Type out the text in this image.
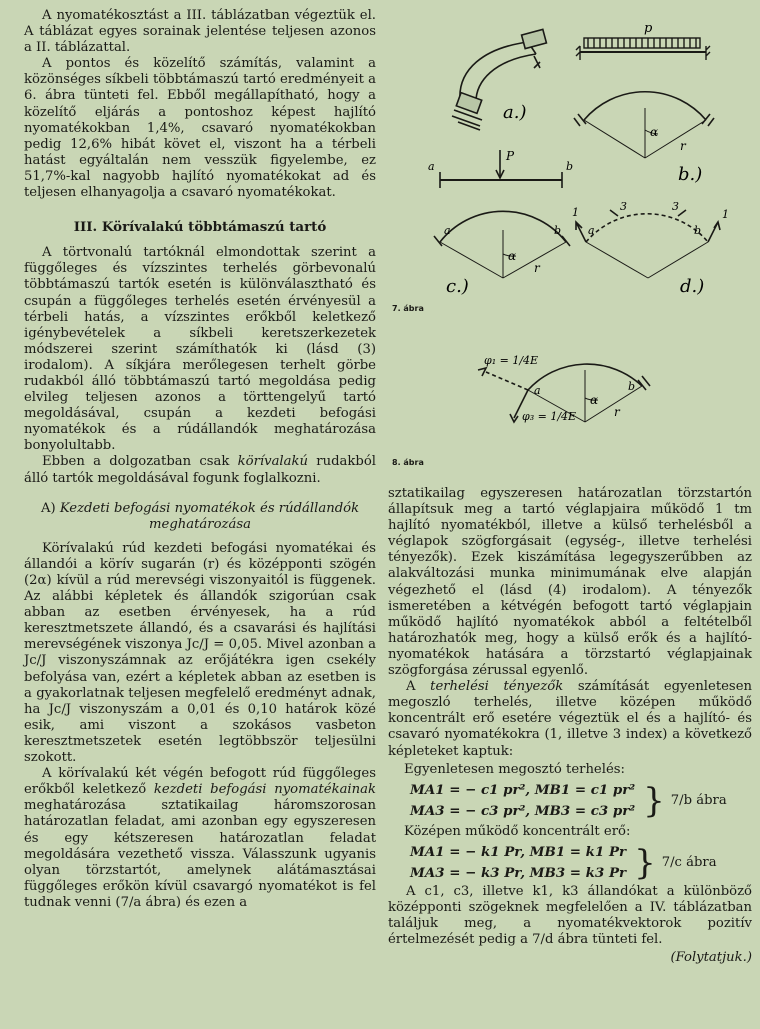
A nyomatékosztást a III. táblázatban végeztük el. A táblázat egyes sorainak jelentése teljesen azonos a II. táblázattal.

A pontos és közelítő számítás, valamint a közönséges síkbeli többtámaszú tartó eredményeit a 6. ábra tünteti fel. Ebből megállapítható, hogy a közelítő eljárás a pontoshoz képest hajlító nyomatékokban 1,4%, csavaró nyomatékokban pedig 12,6% hibát követ el, viszont ha a térbeli hatást egyáltalán nem vesszük figyelembe, ez 51,7%-kal nagyobb hajlító nyomatékokat ad és teljesen elhanyagolja a csavaró nyomatékokat.

III. Körívalakú többtámaszú tartó

A törtvonalú tartóknál elmondottak szerint a függőleges és vízszintes terhelés görbevonalú többtámaszú tartók esetén is különválasztható és csupán a függőleges terhelés esetén érvényesül a térbeli hatás, a vízszintes erőkből keletkező igénybevételek a síkbeli keretszerkezetek módszerei szerint számíthatók ki (lásd (3) irodalom). A síkjára merőlegesen terhelt görbe rudakból álló többtámaszú tartó megoldása pedig elvileg teljesen azonos a törttengelyű tartó megoldásával, csupán a kezdeti befogási nyomatékok és a rúdállandók meghatározása bonyolultabb.

Ebben a dolgozatban csak körívalakú rudakból álló tartók megoldásával fogunk foglalkozni.

A) Kezdeti befogási nyomatékok és rúdállandók
meghatározása

Körívalakú rúd kezdeti befogási nyomatékai és állandói a körív sugarán (r) és középponti szögén (2α) kívül a rúd merevségi viszonyaitól is függenek. Az alábbi képletek és állandók szigorúan csak abban az esetben érvényesek, ha a rúd keresztmetszete állandó, és a csavarási és hajlítási merevségének viszonya Jc/J = 0,05. Mivel azonban a Jc/J viszonyszámnak az erőjátékra igen csekély befolyása van, ezért a képletek abban az esetben is a gyakorlatnak teljesen megfelelő eredményt adnak, ha Jc/J viszonyszám a 0,01 és 0,10 határok közé esik, ami viszont a szokásos vasbeton keresztmetszetek esetén legtöbbször teljesülni szokott.

A körívalakú két végén befogott rúd függőleges erőkből keletkező kezdeti befogási nyomatékainak meghatározása sztatikailag háromszorosan határozatlan feladat, ami azonban egy egyszeresen és egy kétszeresen határozatlan feladat megoldására vezethető vissza. Válasszunk ugyanis olyan törzstartót, amelynek alátámasztásai függőleges erőkön kívül csavargó nyomatékot is fel tudnak venni (7/a ábra) és ezen a

a.)
p
α
r
b.)
P
a	b
a	b
α
r
c.)
a	b
1	1
3	3
d.)
7. ábra
φ₁ = 1/4E
φ₃ = 1/4E
a	b
α
r
8. ábra

sztatikailag egyszeresen határozatlan törzstartón állapítsuk meg a tartó véglapjaira működő 1 tm hajlító nyomatékból, illetve a külső terhelésből a véglapok szögforgásait (egység-, illetve terhelési tényezők). Ezek kiszámítása legegyszerűbben az alakváltozási munka minimumának elve alapján végezhető el (lásd (4) irodalom). A tényezők ismeretében a kétvégén befogott tartó véglapjain működő hajlító nyomatékok abból a feltételből határozhatók meg, hogy a külső erők és a hajlító-nyomatékok hatására a törzstartó véglapjainak szögforgása zérussal egyenlő.

A terhelési tényezők számítását egyenletesen megoszló terhelés, illetve középen működő koncentrált erő esetére végeztük el és a hajlító- és csavaró nyomatékokra (1, illetve 3 index) a következő képleteket kaptuk:

Egyenletesen megosztó terhelés:
MA1 = − c1 pr², MB1 = c1 pr²
MA3 = − c3 pr², MB3 = c3 pr² } 7/b ábra
Középen működő koncentrált erő:
MA1 = − k1 Pr, MB1 = k1 Pr
MA3 = − k3 Pr, MB3 = k3 Pr } 7/c ábra

A c1, c3, illetve k1, k3 állandókat a különböző középponti szögeknek megfelelően a IV. táblázatban találjuk meg, a nyomatékvektorok pozitív értelmezését pedig a 7/d ábra tünteti fel.

(Folytatjuk.)
